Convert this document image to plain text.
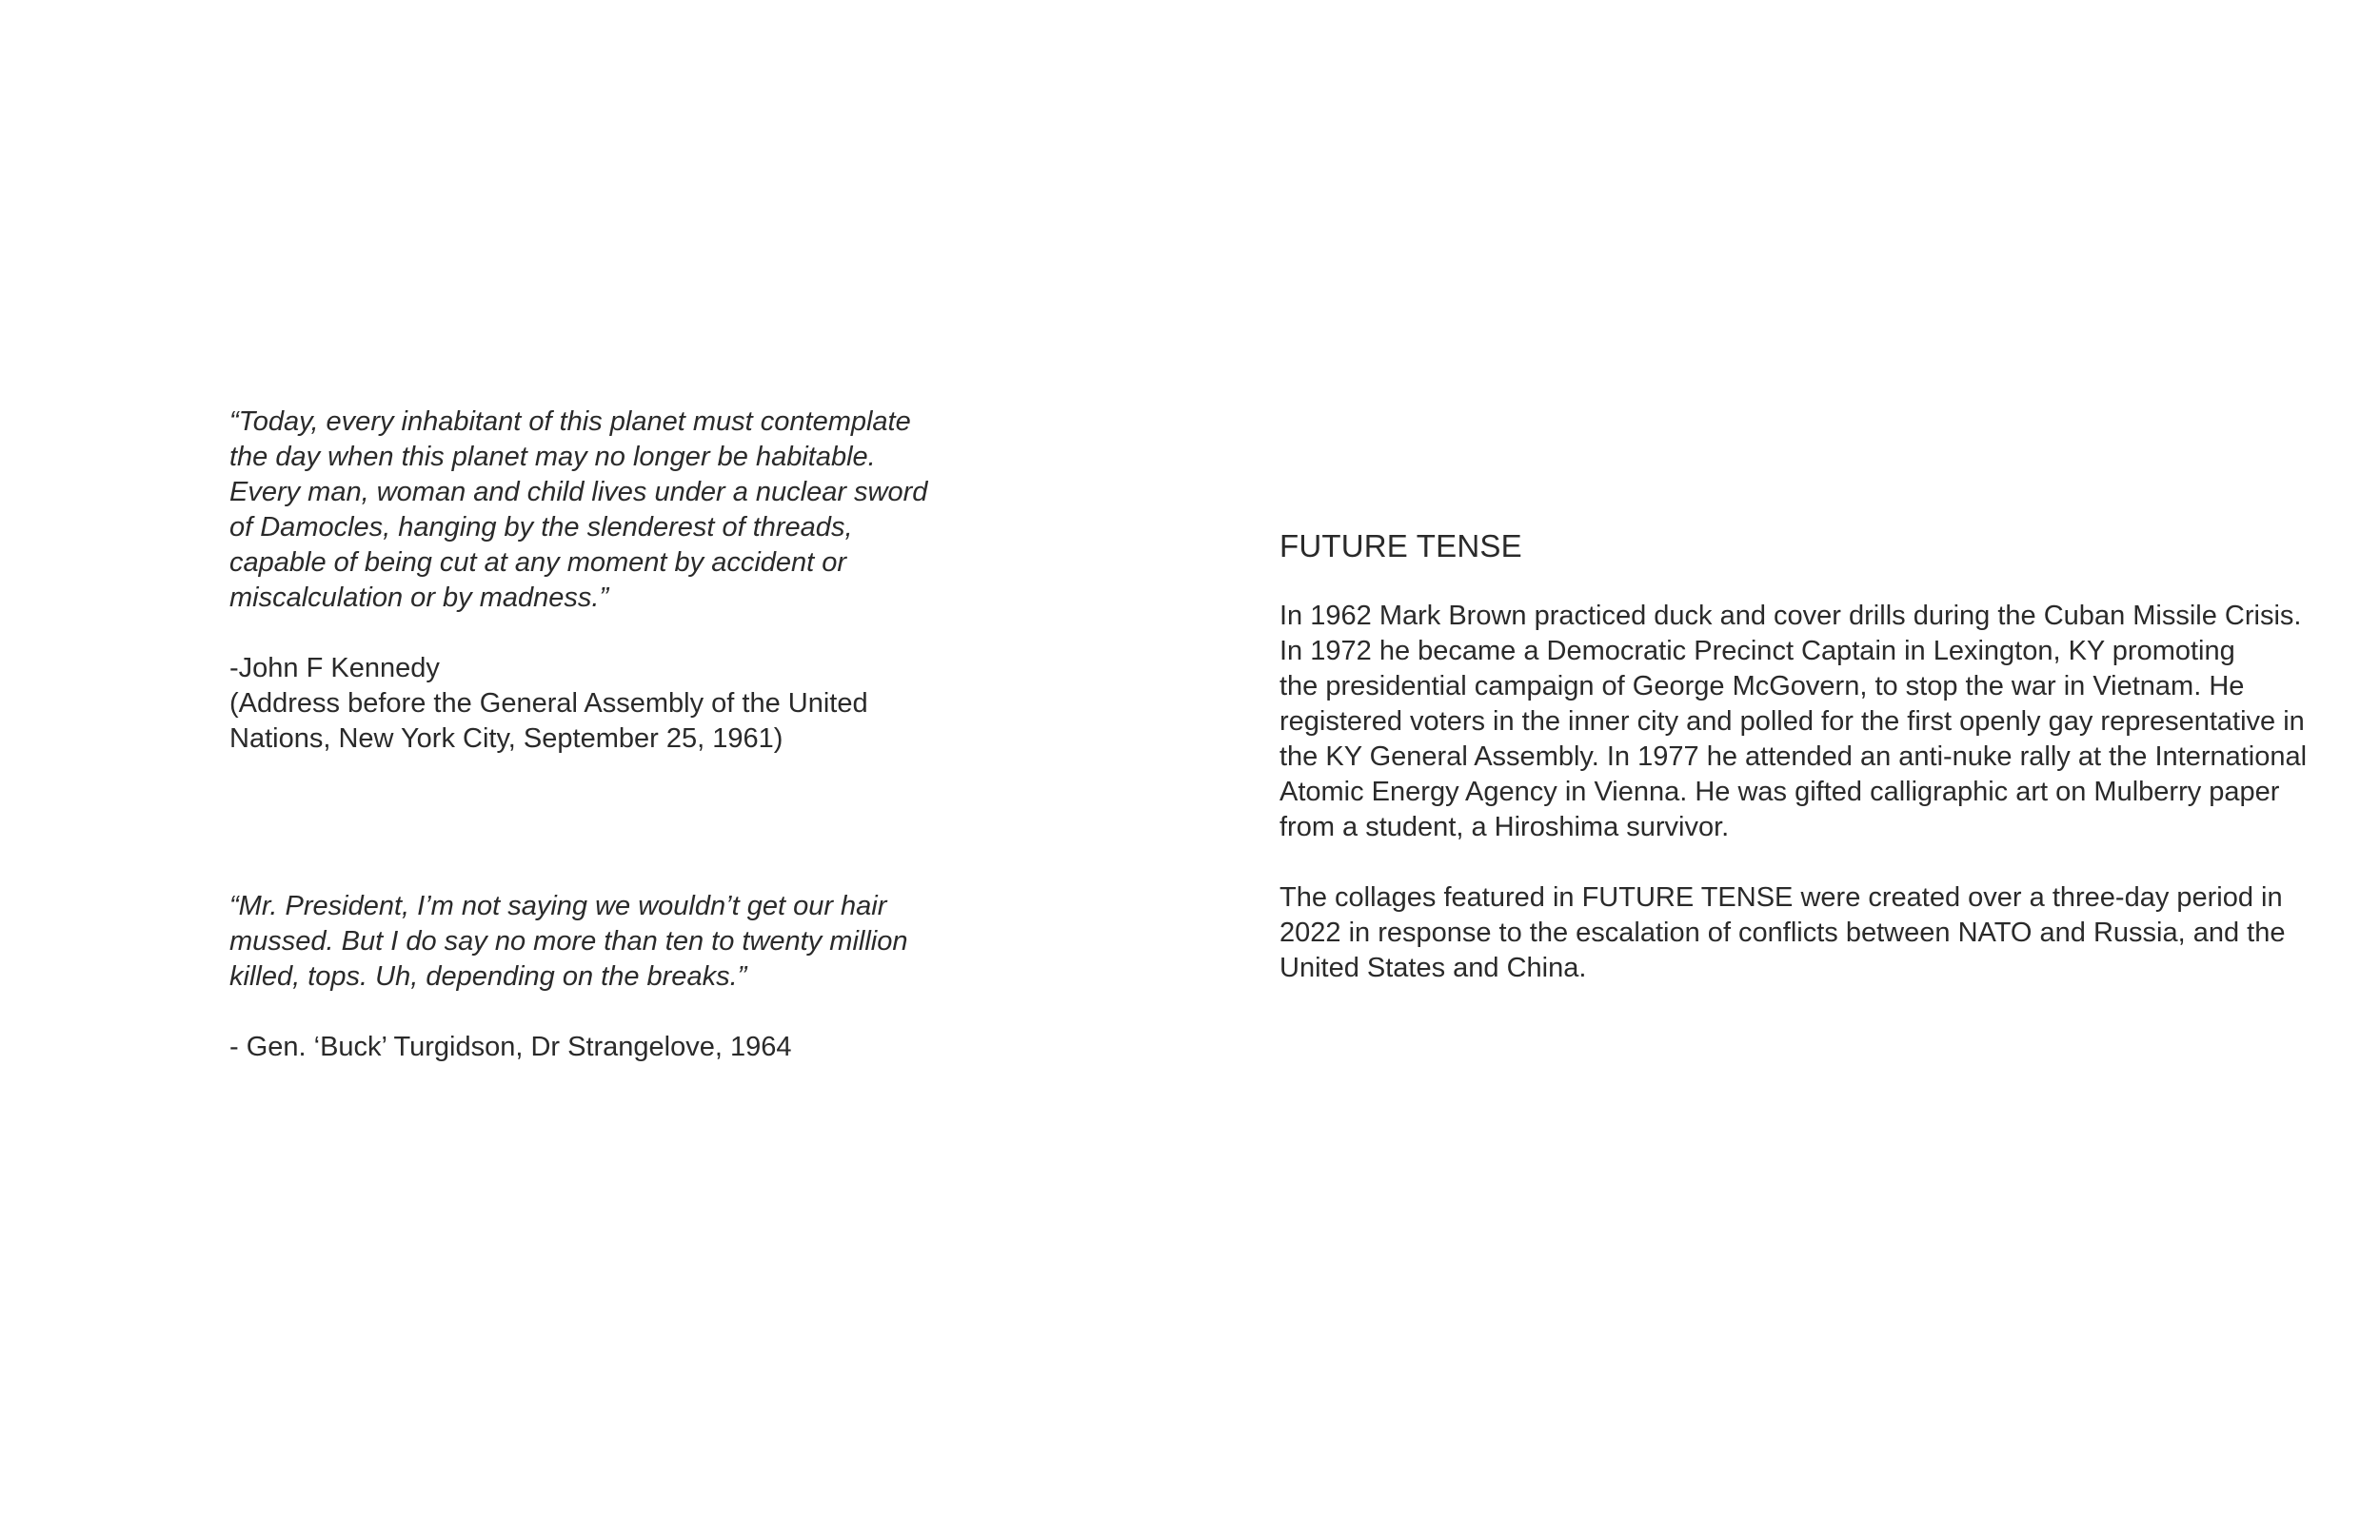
“Today, every inhabitant of this planet must contemplate
the day when this planet may no longer be habitable.
Every man, woman and child lives under a nuclear sword
of Damocles, hanging by the slenderest of threads,
capable of being cut at any moment by accident or
miscalculation or by madness.”
-John F Kennedy
(Address before the General Assembly of the United
Nations, New York City, September 25, 1961)
“Mr. President, I’m not saying we wouldn’t get our hair
mussed. But I do say no more than ten to twenty million
killed, tops. Uh, depending on the breaks.”
- Gen. ‘Buck’ Turgidson, Dr Strangelove, 1964
FUTURE TENSE
In 1962 Mark Brown practiced duck and cover drills during the Cuban Missile Crisis.
In 1972 he became a Democratic Precinct Captain in Lexington, KY promoting
the presidential campaign of George McGovern, to stop the war in Vietnam. He
registered voters in the inner city and polled for the first openly gay representative in
the KY General Assembly. In 1977 he attended an anti-nuke rally at the International
Atomic Energy Agency in Vienna. He was gifted calligraphic art on Mulberry paper
from a student, a Hiroshima survivor.
The collages featured in FUTURE TENSE were created over a three-day period in
2022 in response to the escalation of conflicts between NATO and Russia, and the
United States and China.
